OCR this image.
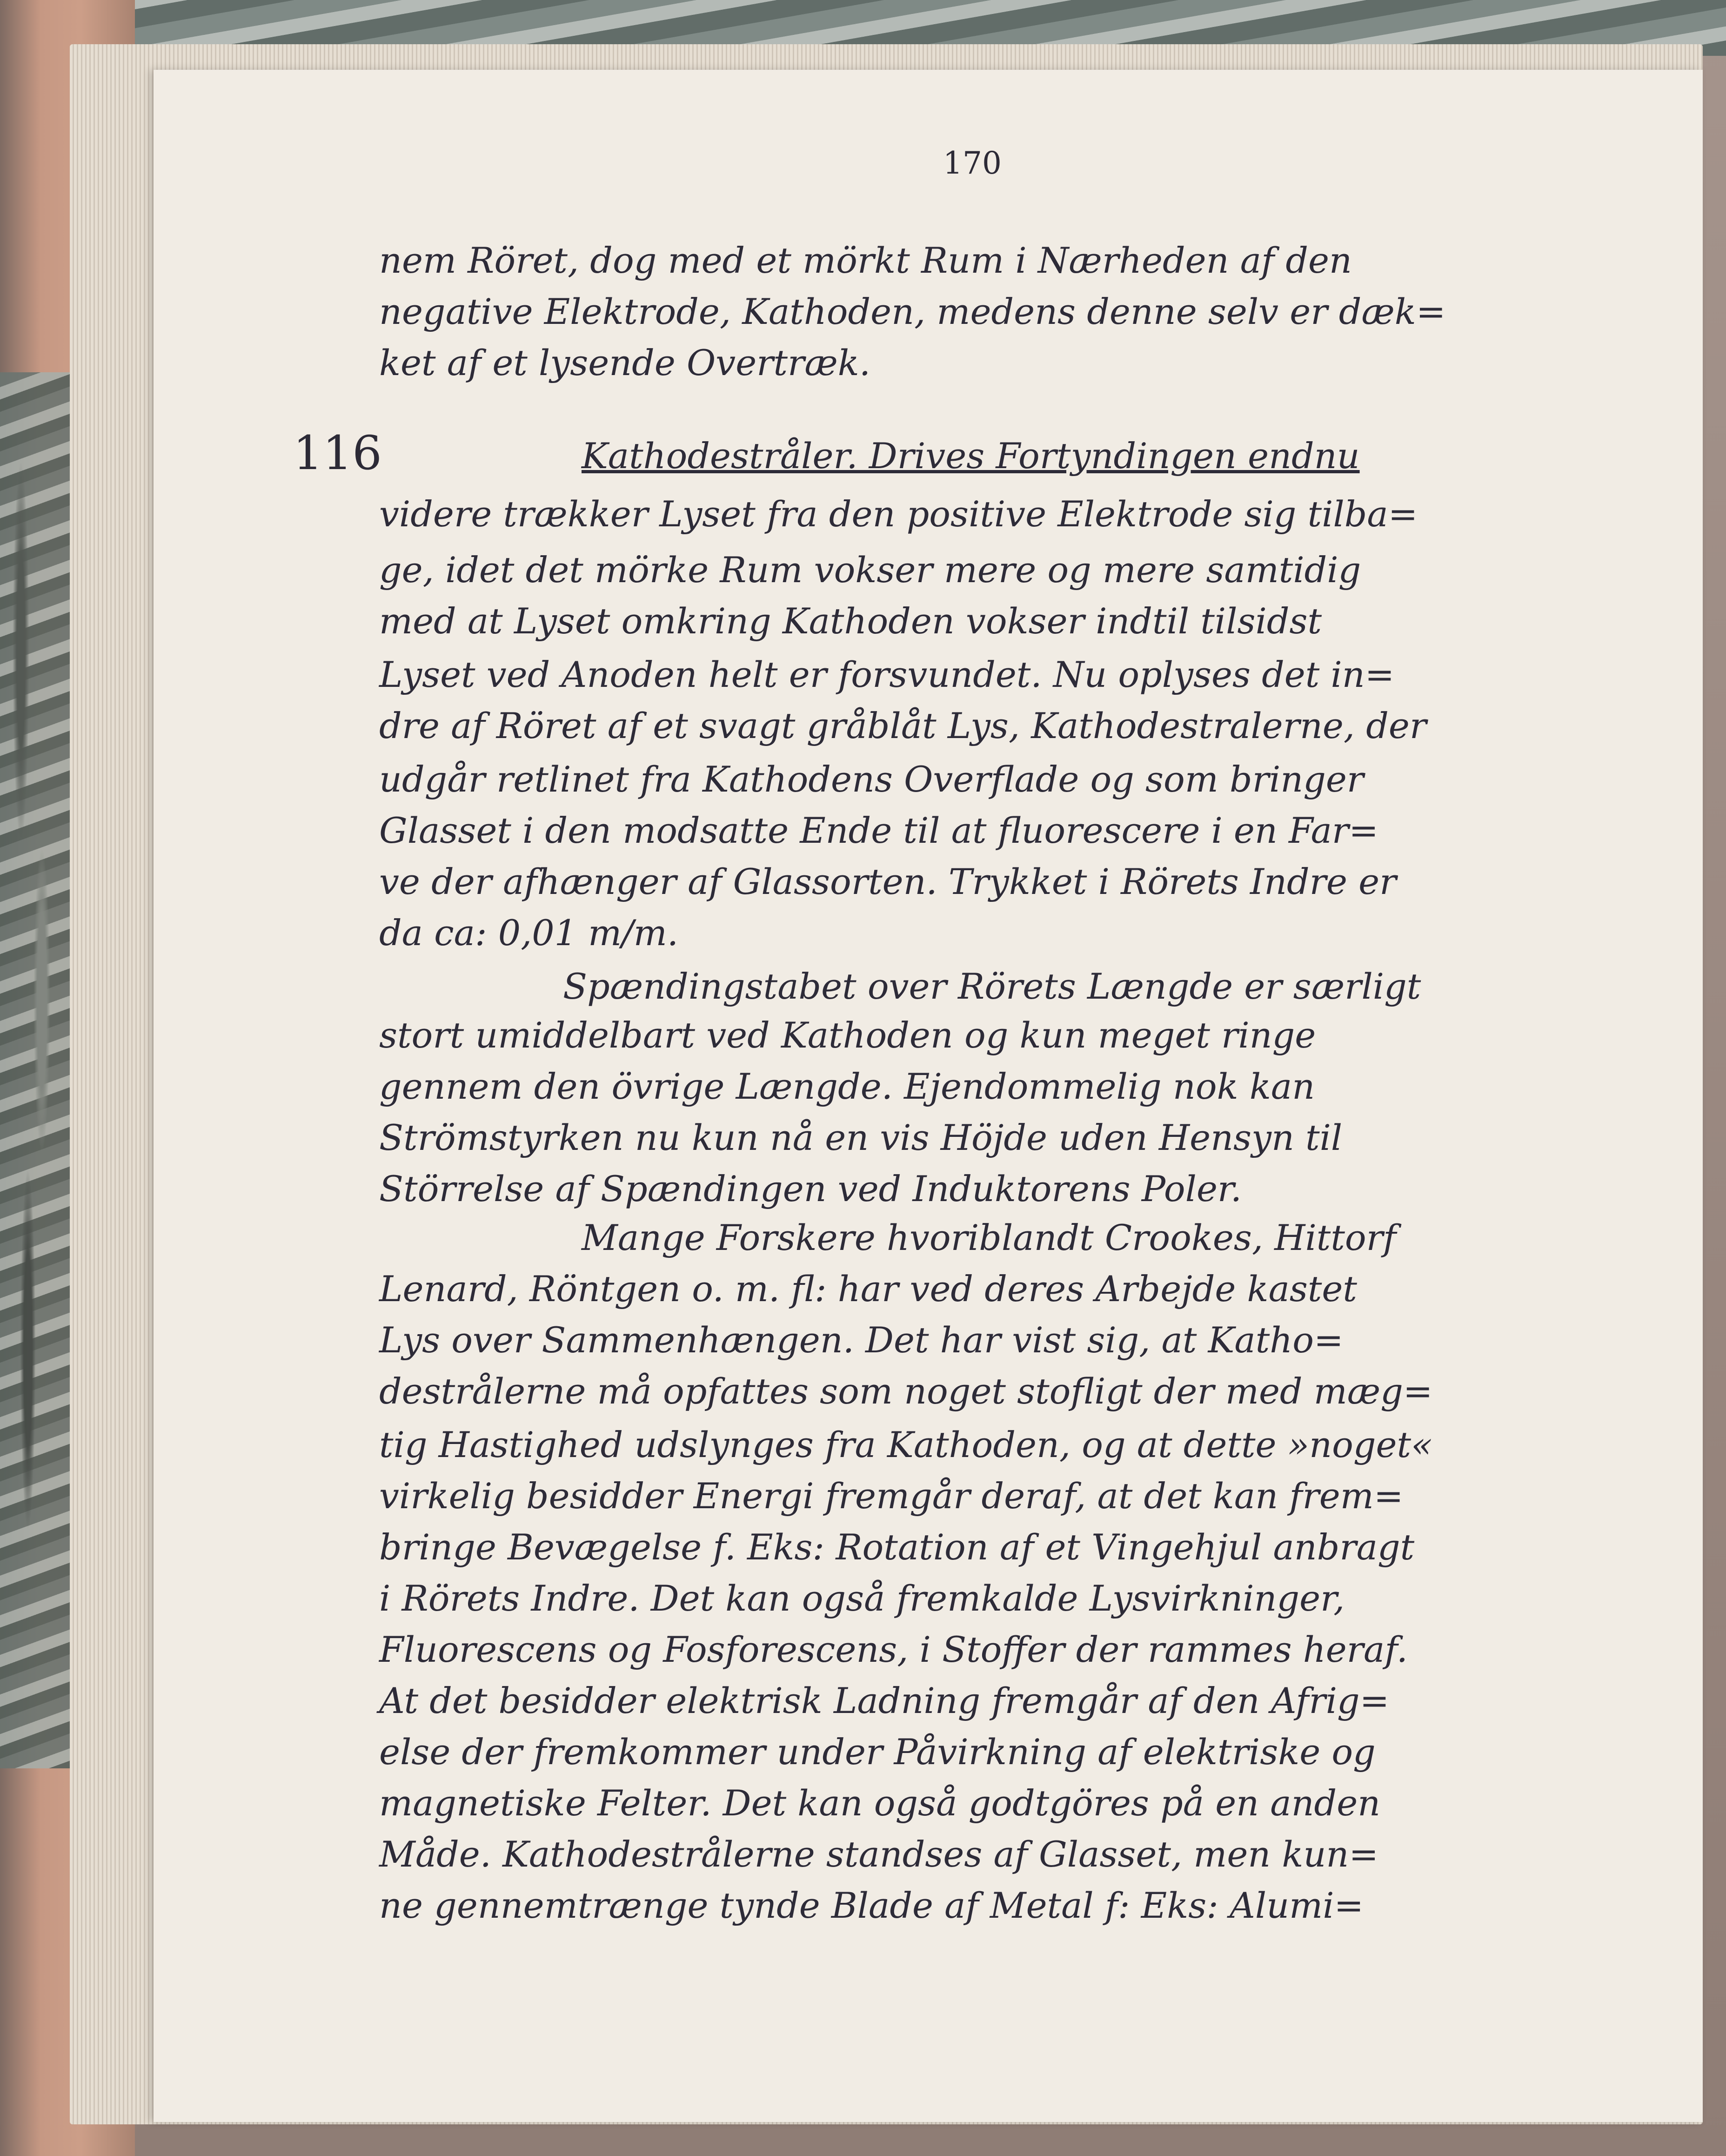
170
116
nem Röret, dog med et mörkt Rum i Nærheden af den
negative Elektrode, Kathoden, medens denne selv er dæk=
ket af et lysende Overtræk.
Kathodestråler. Drives Fortyndingen endnu
videre trækker Lyset fra den positive Elektrode sig tilba=
ge, idet det mörke Rum vokser mere og mere samtidig
med at Lyset omkring Kathoden vokser indtil tilsidst
Lyset ved Anoden helt er forsvundet. Nu oplyses det in=
dre af Röret af et svagt gråblåt Lys, Kathodestralerne, der
udgår retlinet fra Kathodens Overflade og som bringer
Glasset i den modsatte Ende til at fluorescere i en Far=
ve der afhænger af Glassorten. Trykket i Rörets Indre er
da ca: 0,01 m/m.
Spændingstabet over Rörets Længde er særligt
stort umiddelbart ved Kathoden og kun meget ringe
gennem den övrige Længde. Ejendommelig nok kan
Strömstyrken nu kun nå en vis Höjde uden Hensyn til
Störrelse af Spændingen ved Induktorens Poler.
Mange Forskere hvoriblandt Crookes, Hittorf
Lenard, Röntgen o. m. fl: har ved deres Arbejde kastet
Lys over Sammenhængen. Det har vist sig, at Katho=
destrålerne må opfattes som noget stofligt der med mæg=
tig Hastighed udslynges fra Kathoden, og at dette »noget«
virkelig besidder Energi fremgår deraf, at det kan frem=
bringe Bevægelse f. Eks: Rotation af et Vingehjul anbragt
i Rörets Indre. Det kan også fremkalde Lysvirkninger,
Fluorescens og Fosforescens, i Stoffer der rammes heraf.
At det besidder elektrisk Ladning fremgår af den Afrig=
else der fremkommer under Påvirkning af elektriske og
magnetiske Felter. Det kan også godtgöres på en anden
Måde. Kathodestrålerne standses af Glasset, men kun=
ne gennemtrænge tynde Blade af Metal f: Eks: Alumi=
